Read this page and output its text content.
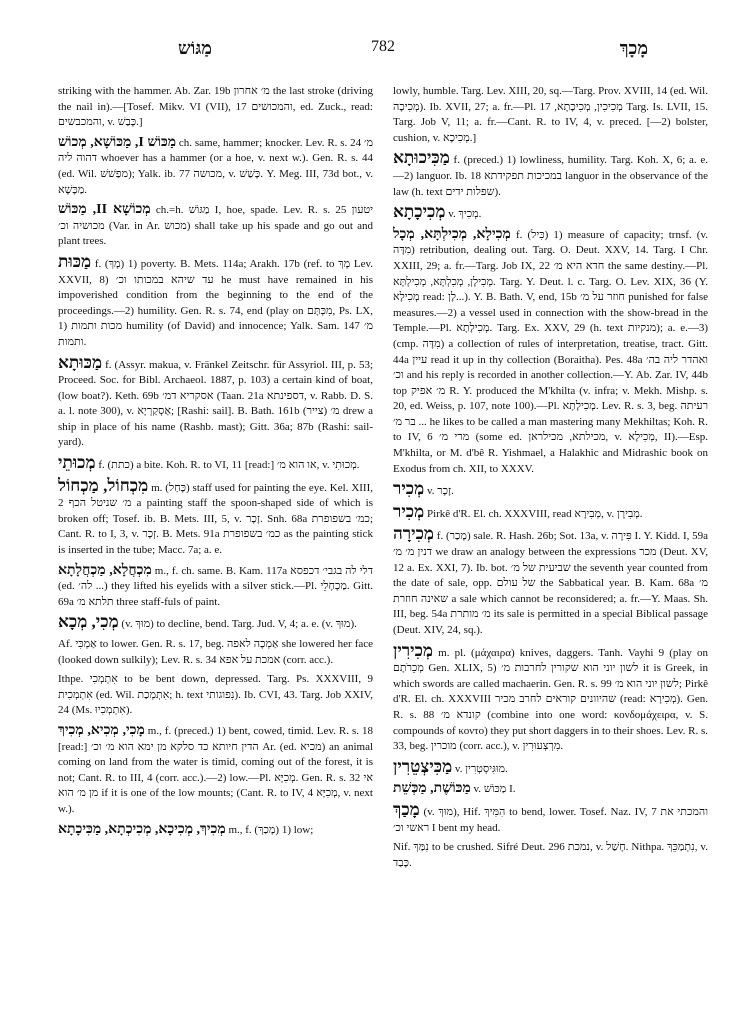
מַגּוֹש	782	מָכָךְ

striking with the hammer. Ab. Zar. 19b מ׳ אחרון the last stroke (driving the nail in).—[Tosef. Mikv. VI (VII), 17 והמכושים, ed. Zuck., read: והמכבשים, v. כָּבַשׁ.]

מַכּוֹשׁ I, מַכּוֹשָׁא, מְכוֹשׁ ch. same, hammer; knocker. Lev. R. s. 24 מ׳ דהוה ליה whoever has a hammer (or a hoe, v. next w.). Gen. R. s. 44 (ed. Wil. מפַשׁשׁ); Yalk. ib. 77 מכושה, v. כָּשַׁשׁ. Y. Meg. III, 73d bot., v. מַכָּשָׁא.

מְכוֹשָׁא II, מַכּוֹשׁ ch.=h. מַגּוֹשׁ I, hoe, spade. Lev. R. s. 25 יטעון מכושיה וכ׳ (Var. in Ar. מכוש) shall take up his spade and go out and plant trees.

מַכּוּת f. (מָךְ) 1) poverty. B. Mets. 114a; Arakh. 17b (ref. to מָךְ Lev. XXVII, 8) עד שיהא במכותו וכ׳ he must have remained in his impoverished condition from the beginning to the end of the proceedings.—2) humility. Gen. R. s. 74, end (play on מִכְּתָּם, Ps. LX, 1) מכות ותמות humility (of David) and innocence; Yalk. Sam. 147 מ׳ ותמות.

מַכּוּתָא f. (Assyr. makua, v. Fränkel Zeitschr. für Assyriol. III, p. 53; Proceed. Soc. for Bibl. Archaeol. 1887, p. 103) a certain kind of boat, (low boat?). Keth. 69b אסקריא דמ׳ (Taan. 21a דספינתא, v. Rabb. D. S. a. l. note 300), v. אַסְקַרְיָא; [Rashi: sail]. B. Bath. 161b (צייר) מ׳ drew a ship in place of his name (Rashb. mast); Gitt. 36a; 87b (Rashi: sail-yard).

מְכוּתֵי f. (כתת) a bite. Koh. R. to VI, 11 [read:] או הוא מ׳, v. מְכוּתִי.

מִכְחוֹל, מַכְחוֹל m. (כָּחַל) staff used for painting the eye. Kel. XIII, 2 מ׳ שניטל הכף a painting staff the spoon-shaped side of which is broken off; Tosef. ib. B. Mets. III, 5, v. זָכָר. Snh. 68a כמ׳ בשפופרת; Cant. R. to I, 3, v. זְכָר. B. Mets. 91a כמ׳ בשפופרת as the painting stick is inserted in the tube; Macc. 7a; a. e.

מִכְחֲלָא, מַכְחֲלָתָא m., f. ch. same. B. Kam. 117a דלי לה בגבי׳ דכפסא (ed. לה׳ ...) they lifted his eyelids with a silver stick.—Pl. מַכְחָלֵי. Gitt. 69a תלתא מ׳ three staff-fuls of paint.

מְכִי, מְכָא (v. מוּךְ) to decline, bend. Targ. Jud. V, 4; a. e. (v. מוּךְ).

Af. אַמְכִּי to lower. Gen. R. s. 17, beg. אַמְכָה לאפה she lowered her face (looked down sulkily); Lev. R. s. 34 אמכת על אפא (corr. acc.).

Ithpe. אִתְמְכִי to be bent down, depressed. Targ. Ps. XXXVIII, 9 אִתְמְכִית (ed. Wil. אִתְמְכַת; h. text נִפוגותי). Ib. CVI, 43. Targ. Job XXIV, 24 (Ms. אִתְמְכִיוּ).

מָכִי, מְכִיא, מְכִיךְ m., f. (preced.) 1) bent, cowed, timid. Lev. R. s. 18 [read:] הדין חיותא כד סלקא מן ימא הוא מ׳ וכ׳ Ar. (ed. מכיא) an animal coming on land from the water is timid, coming out of the forest, it is not; Cant. R. to III, 4 (corr. acc.).—2) low.—Pl. מְכִיָּא. Gen. R. s. 32 אי מן מ׳ הוא if it is one of the low mounts; (Cant. R. to IV, 4 מְכִיָּא, v. next w.).

מְכִיךְ, מְכִיכָא, מְכִיכְתָא, מַכִּיכָתָא m., f. (מָכַךְ) 1) low;

lowly, humble. Targ. Lev. XIII, 20, sq.—Targ. Prov. XVIII, 14 (ed. Wil. מְכִיכָה). Ib. XVII, 27; a. fr.—Pl. מְכִיכִין, מְכִיכָתָא, 17 Targ. Is. LVII, 15. Targ. Job V, 11; a. fr.—Cant. R. to IV, 4, v. preced. [—2) bolster, cushion, v. מְכִיכָא.]

מַכִּיכוּתָא f. (preced.) 1) lowliness, humility. Targ. Koh. X, 6; a. e.—2) languor. Ib. 18 במכיכות תפקידתא languor in the observance of the law (h. text שפלות ידים).

מְכִיכָתָא v. מְכִיךְ.

מְכִילָא, מְכִילְתָּא, מְכָל f. (כִּיל) 1) measure of capacity; trnsf. (v. מִדָּה) retribution, dealing out. Targ. O. Deut. XXV, 14. Targ. I Chr. XXIII, 29; a. fr.—Targ. Job IX, 22 חדא היא מ׳ the same destiny.—Pl. מְכִילָן, מְכִלְתָּא, מְכִילְתָּא. Targ. Y. Deut. l. c. Targ. O. Lev. XIX, 36 (Y. מְכִילָא read: לָן...). Y. B. Bath. V, end, 15b חוזר על מ׳ punished for false measures.—2) a vessel used in connection with the show-bread in the Temple.—Pl. מְכִילָתָא. Targ. Ex. XXV, 29 (h. text מנקיות); a. e.—3) (cmp. מִדָּה) a collection of rules of interpretation, treatise, tract. Gitt. 44a עיין read it up in thy collection (Boraitha). Pes. 48a ואהדר ליה בה׳ וכ׳ and his reply is recorded in another collection.—Y. Ab. Zar. IV, 44b top מ׳ אפיק R. Y. produced the M'khilta (v. infra; v. Mekh. Mishp. s. 20, ed. Weiss, p. 107, note 100).—Pl. מְכִילָתָא. Lev. R. s. 3, beg. רעיתה ... בר מ׳ he likes to be called a man mastering many Mekhiltas; Koh. R. to IV, 6 מרי מ׳ (some ed. מכילתא, מכילראן, v. מְכִילָא, II).—Esp. M'khilta, or M. d'bê R. Yishmael, a Halakhic and Midrashic book on Exodus from ch. XII, to XXXV.

מְכִיר v. זָכָר.

מְכִיר Pirkê d'R. El. ch. XXXVIII, read מְבִירָא, v. מְבִירָן.

מְכִירָה f. (מָכַר) sale. R. Hash. 26b; Sot. 13a, v. פִּירָה I. Y. Kidd. I, 59a דנין מ׳ מ׳ we draw an analogy between the expressions מכר (Deut. XV, 12 a. Ex. XXI, 7). Ib. bot. שביעית של מ׳ the seventh year counted from the date of sale, opp. של עולם the Sabbatical year. B. Kam. 68a מ׳ שאינה חוזרת a sale which cannot be reconsidered; a. fr.—Y. Maas. Sh. III, beg. 54a מ׳ מותרת its sale is permitted in a special Biblical passage (Deut. XIV, 24, sq.).

מְכִירִין m. pl. (μάχαιρα) knives, daggers. Tanh. Vayhi 9 (play on מְכֵרֹתָם Gen. XLIX, 5) לשון יוני הוא שקורין לחרבות מ׳ it is Greek, in which swords are called machaerin. Gen. R. s. 99 לשון יוני הוא מ׳; Pirkê d'R. El. ch. XXXVIII שהיוונים קוראים לחרב מכיר (read: מְכִירָא). Gen. R. s. 88 קונדא מ׳ (combine into one word: κονδομάχειρα, v. S. compounds of κοντο) they put short daggers in to their shoes. Lev. R. s. 33, beg. מוכרין (corr. acc.), v. מִרְצְעוּרִין.

מַכִּיצְטֵרִין v. מוּגִּיסְטְרִין.

מַכּוֹשֶׁת, מַכְּשֵׁת v. מַכּוֹשׁ I.

מָכַךְ (v. מוּךְ), Hif. הִמִּיךְ to bend, lower. Tosef. Naz. IV, 7 והמכתי את ראשי וכ׳ I bent my head.

Nif. נִמַּךְ to be crushed. Sifré Deut. 296 נמכת, v. חָשַׁל. Nithpa. נִתְמַכֵּךְ, v. כָּבַד.
